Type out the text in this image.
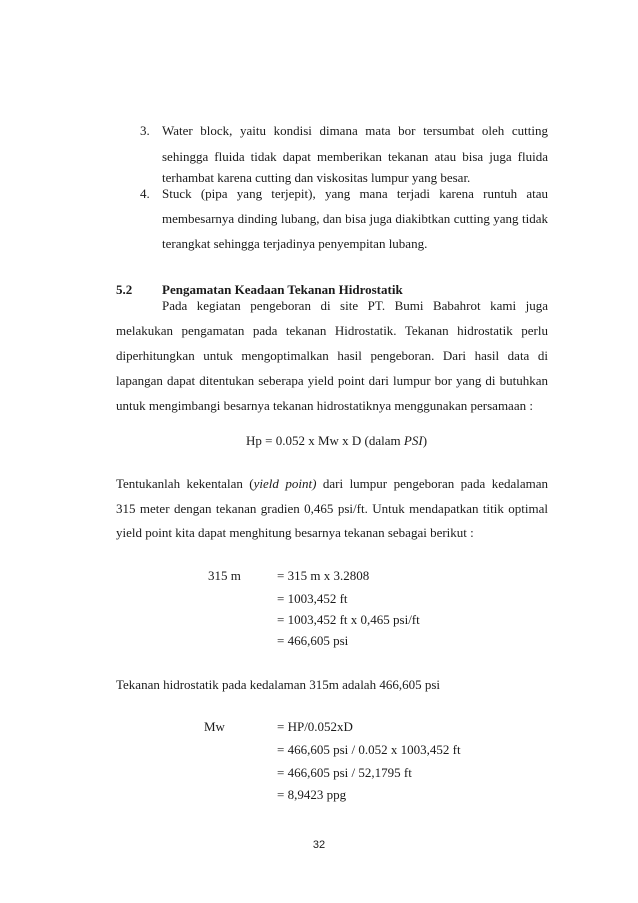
3. Water block, yaitu kondisi dimana mata bor tersumbat oleh cutting
sehingga fluida tidak dapat memberikan tekanan atau bisa juga fluida
terhambat karena cutting dan viskositas lumpur yang besar.
4. Stuck (pipa yang terjepit), yang mana terjadi karena runtuh atau
membesarnya dinding lubang, dan bisa juga diakibtkan cutting yang tidak
terangkat sehingga terjadinya penyempitan lubang.
5.2 Pengamatan Keadaan Tekanan Hidrostatik
Pada kegiatan pengeboran di site PT. Bumi Babahrot kami juga
melakukan pengamatan pada tekanan Hidrostatik. Tekanan hidrostatik perlu
diperhitungkan untuk mengoptimalkan hasil pengeboran. Dari hasil data di
lapangan dapat ditentukan seberapa yield point dari lumpur bor yang di butuhkan
untuk mengimbangi besarnya tekanan hidrostatiknya menggunakan persamaan :
Hp = 0.052 x Mw x D (dalam PSI)
Tentukanlah kekentalan (yield point) dari lumpur pengeboran pada kedalaman
315 meter dengan tekanan gradien 0,465 psi/ft. Untuk mendapatkan titik optimal
yield point kita dapat menghitung besarnya tekanan sebagai berikut :
315 m	= 315 m x 3.2808
= 1003,452 ft
= 1003,452 ft x 0,465 psi/ft
= 466,605 psi
Tekanan hidrostatik pada kedalaman 315m adalah 466,605 psi
Mw	= HP/0.052xD
= 466,605 psi / 0.052 x 1003,452 ft
= 466,605 psi / 52,1795 ft
= 8,9423 ppg
32
